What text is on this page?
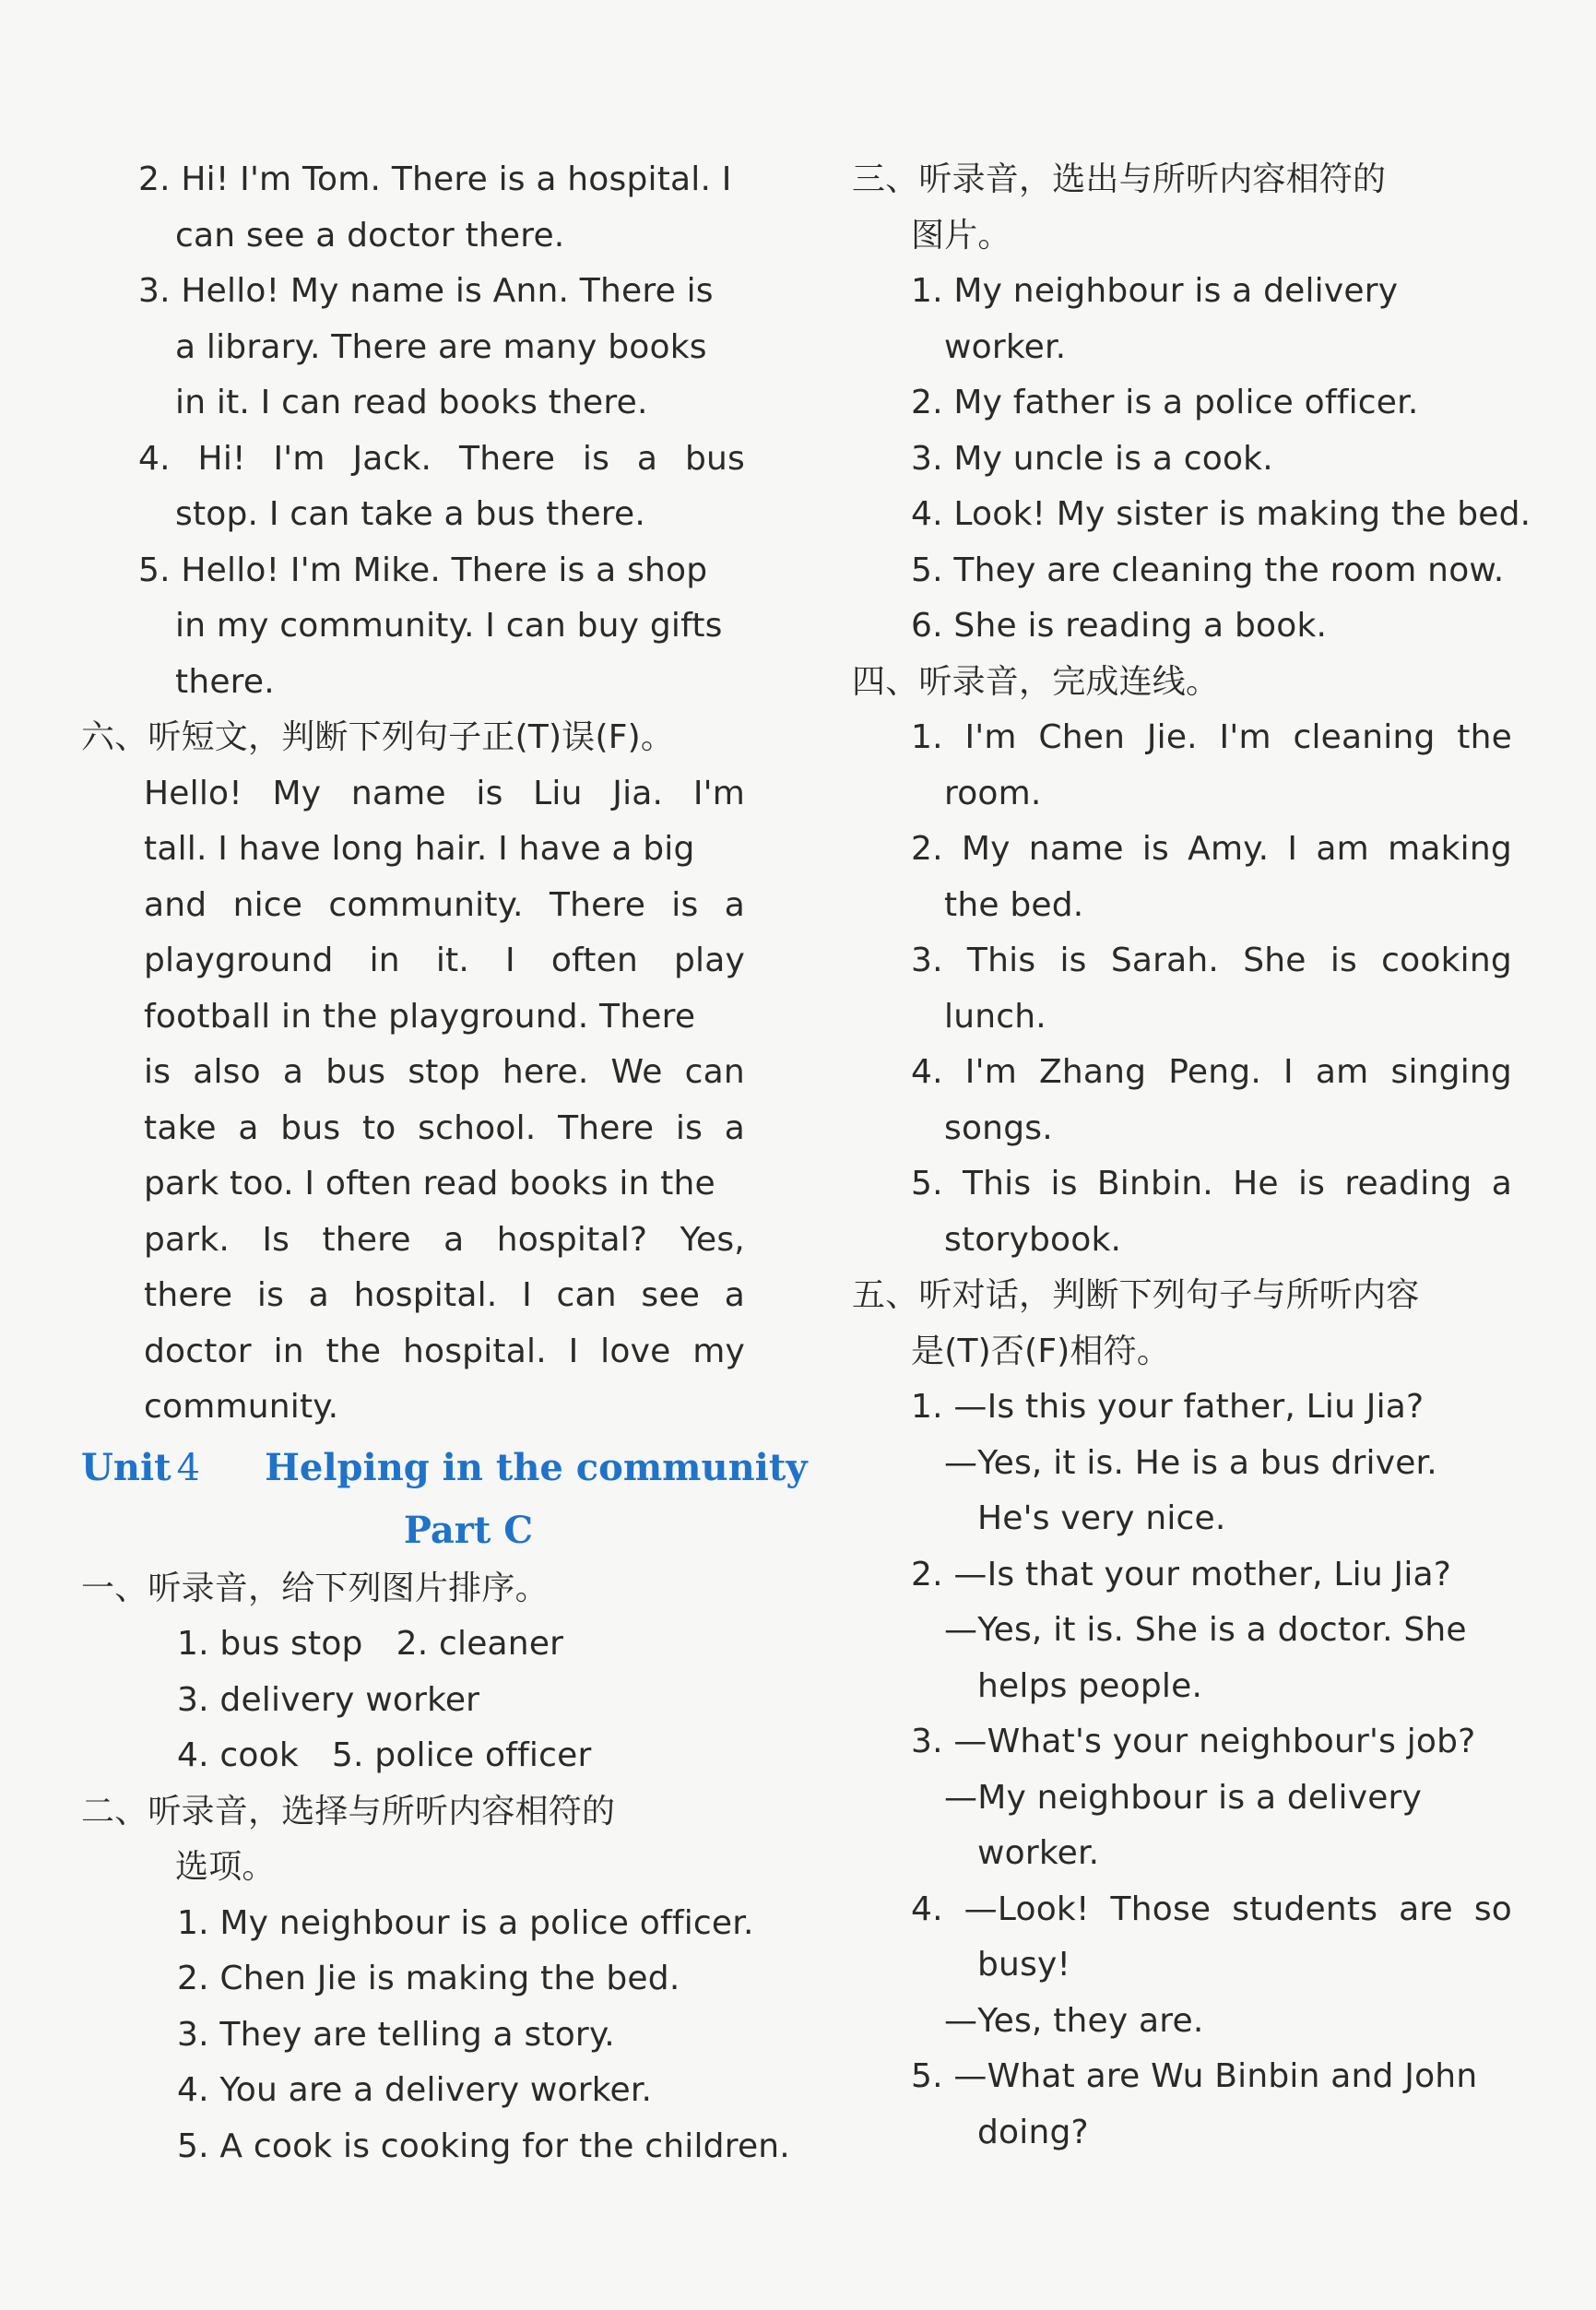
2. Hi! I'm Tom. There is a hospital. I
can see a doctor there.
3. Hello! My name is Ann. There is
a library. There are many books
in it. I can read books there.
4. Hi! I'm Jack. There is a bus
stop. I can take a bus there.
5. Hello! I'm Mike. There is a shop
in my community. I can buy gifts
there.
六、听短文，判断下列句子正(T)误(F)。
Hello! My name is Liu Jia. I'm
tall. I have long hair. I have a big
and nice community. There is a
playground in it. I often play
football in the playground. There
is also a bus stop here. We can
take a bus to school. There is a
park too. I often read books in the
park. Is there a hospital? Yes,
there is a hospital. I can see a
doctor in the hospital. I love my
community.
Unit 4 Helping in the community
Part C
一、听录音，给下列图片排序。
1. bus stop 2. cleaner
3. delivery worker
4. cook 5. police officer
二、听录音，选择与所听内容相符的
选项。
1. My neighbour is a police officer.
2. Chen Jie is making the bed.
3. They are telling a story.
4. You are a delivery worker.
5. A cook is cooking for the children.
三、听录音，选出与所听内容相符的
图片。
1. My neighbour is a delivery
worker.
2. My father is a police officer.
3. My uncle is a cook.
4. Look! My sister is making the bed.
5. They are cleaning the room now.
6. She is reading a book.
四、听录音，完成连线。
1. I'm Chen Jie. I'm cleaning the
room.
2. My name is Amy. I am making
the bed.
3. This is Sarah. She is cooking
lunch.
4. I'm Zhang Peng. I am singing
songs.
5. This is Binbin. He is reading a
storybook.
五、听对话，判断下列句子与所听内容
是(T)否(F)相符。
1. —Is this your father, Liu Jia?
—Yes, it is. He is a bus driver.
He's very nice.
2. —Is that your mother, Liu Jia?
—Yes, it is. She is a doctor. She
helps people.
3. —What's your neighbour's job?
—My neighbour is a delivery
worker.
4. —Look! Those students are so
busy!
—Yes, they are.
5. —What are Wu Binbin and John
doing?
